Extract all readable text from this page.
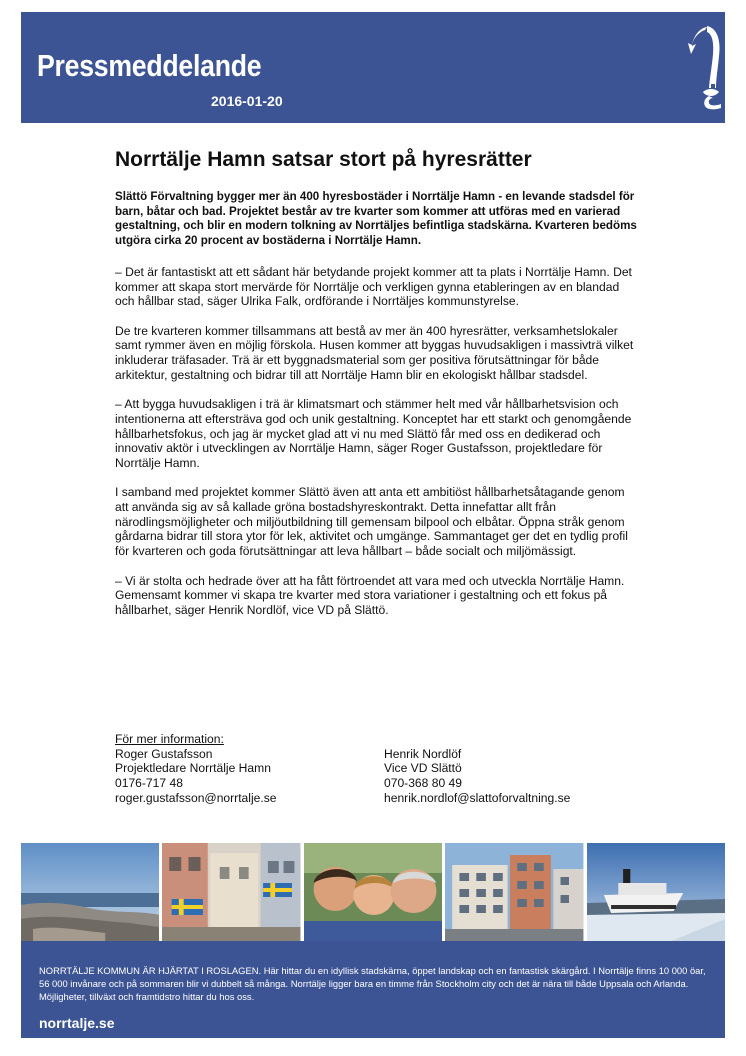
Pressmeddelande
2016-01-20
Norrtälje Hamn satsar stort på hyresrätter

Slättö Förvaltning bygger mer än 400 hyresbostäder i Norrtälje Hamn - en levande stadsdel för barn, båtar och bad. Projektet består av tre kvarter som kommer att utföras med en varierad gestaltning, och blir en modern tolkning av Norrtäljes befintliga stadskärna. Kvarteren bedöms utgöra cirka 20 procent av bostäderna i Norrtälje Hamn.

– Det är fantastiskt att ett sådant här betydande projekt kommer att ta plats i Norrtälje Hamn. Det kommer att skapa stort mervärde för Norrtälje och verkligen gynna etableringen av en blandad och hållbar stad, säger Ulrika Falk, ordförande i Norrtäljes kommunstyrelse.

De tre kvarteren kommer tillsammans att bestå av mer än 400 hyresrätter, verksamhetslokaler samt rymmer även en möjlig förskola. Husen kommer att byggas huvudsakligen i massivträ vilket inkluderar träfasader. Trä är ett byggnadsmaterial som ger positiva förutsättningar för både arkitektur, gestaltning och bidrar till att Norrtälje Hamn blir en ekologiskt hållbar stadsdel.

– Att bygga huvudsakligen i trä är klimatsmart och stämmer helt med vår hållbarhetsvision och intentionerna att eftersträva god och unik gestaltning. Konceptet har ett starkt och genomgående hållbarhetsfokus, och jag är mycket glad att vi nu med Slättö får med oss en dedikerad och innovativ aktör i utvecklingen av Norrtälje Hamn, säger Roger Gustafsson, projektledare för Norrtälje Hamn.

I samband med projektet kommer Slättö även att anta ett ambitiöst hållbarhetsåtagande genom att använda sig av så kallade gröna bostadshyreskontrakt. Detta innefattar allt från närodlingsmöjligheter och miljöutbildning till gemensam bilpool och elbåtar. Öppna stråk genom gårdarna bidrar till stora ytor för lek, aktivitet och umgänge. Sammantaget ger det en tydlig profil för kvarteren och goda förutsättningar att leva hållbart – både socialt och miljömässigt.

– Vi är stolta och hedrade över att ha fått förtroendet att vara med och utveckla Norrtälje Hamn. Gemensamt kommer vi skapa tre kvarter med stora variationer i gestaltning och ett fokus på hållbarhet, säger Henrik Nordlöf, vice VD på Slättö.

För mer information:
Roger Gustafsson
Projektledare Norrtälje Hamn
0176-717 48
roger.gustafsson@norrtalje.se
Henrik Nordlöf
Vice VD Slättö
070-368 80 49
henrik.nordlof@slattoforvaltning.se
NORRTÄLJE KOMMUN ÄR HJÄRTAT I ROSLAGEN. Här hittar du en idyllisk stadskärna, öppet landskap och en fantastisk skärgård. I Norrtälje finns 10 000 öar, 56 000 invånare och på sommaren blir vi dubbelt så många. Norrtälje ligger bara en timme från Stockholm city och det är nära till både Uppsala och Arlanda. Möjligheter, tillväxt och framtidstro hittar du hos oss.
norrtalje.se
